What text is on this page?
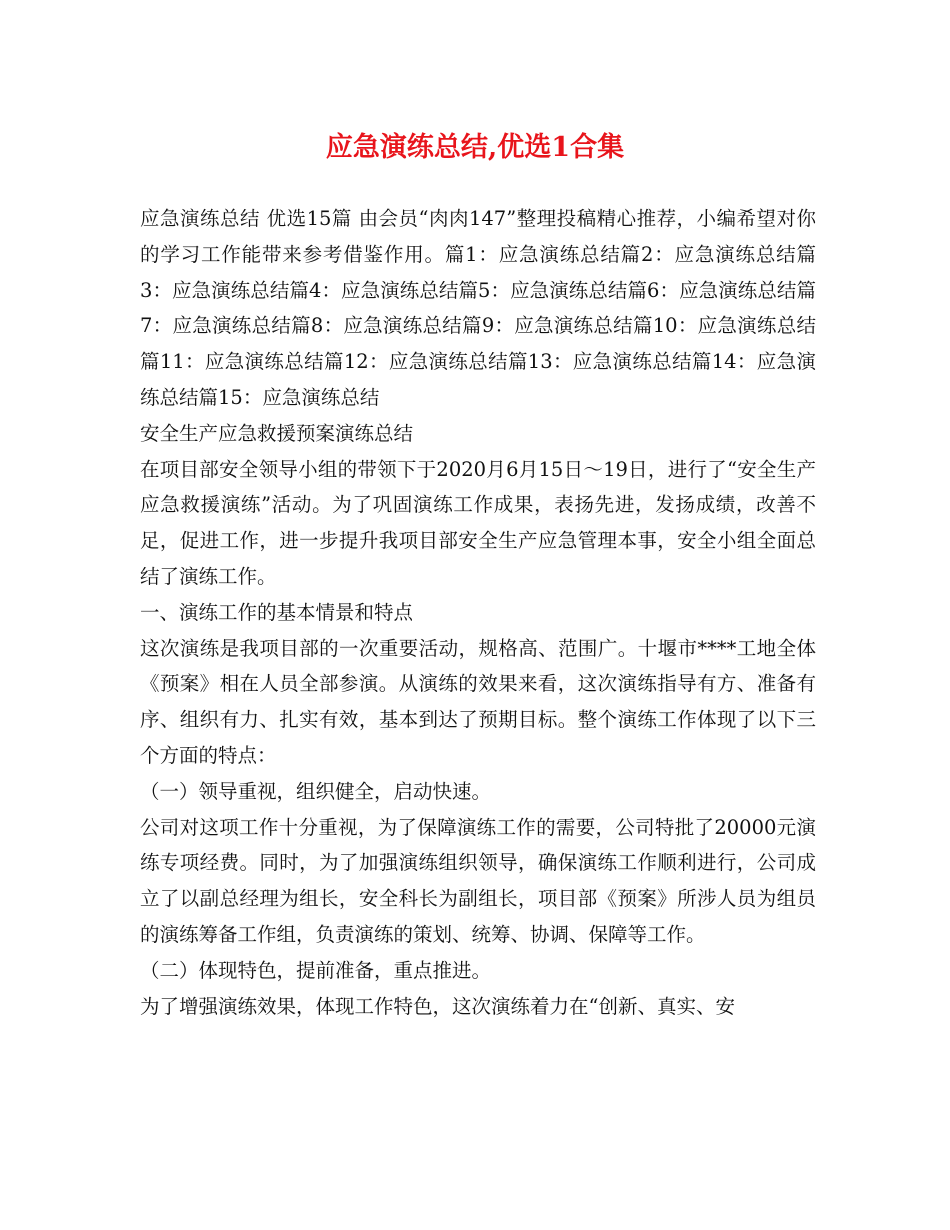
应急演练总结,优选1合集

应急演练总结 优选15篇 由会员“肉肉147”整理投稿精心推荐，小编希望对你的学习工作能带来参考借鉴作用。篇1：应急演练总结篇2：应急演练总结篇3：应急演练总结篇4：应急演练总结篇5：应急演练总结篇6：应急演练总结篇7：应急演练总结篇8：应急演练总结篇9：应急演练总结篇10：应急演练总结篇11：应急演练总结篇12：应急演练总结篇13：应急演练总结篇14：应急演练总结篇15：应急演练总结

安全生产应急救援预案演练总结

在项目部安全领导小组的带领下于2020月6月15日～19日，进行了“安全生产应急救援演练”活动。为了巩固演练工作成果，表扬先进，发扬成绩，改善不足，促进工作，进一步提升我项目部安全生产应急管理本事，安全小组全面总结了演练工作。

一、演练工作的基本情景和特点

这次演练是我项目部的一次重要活动，规格高、范围广。十堰市****工地全体《预案》相在人员全部参演。从演练的效果来看，这次演练指导有方、准备有序、组织有力、扎实有效，基本到达了预期目标。整个演练工作体现了以下三个方面的特点：

（一）领导重视，组织健全，启动快速。

公司对这项工作十分重视，为了保障演练工作的需要，公司特批了20000元演练专项经费。同时，为了加强演练组织领导，确保演练工作顺利进行，公司成立了以副总经理为组长，安全科长为副组长，项目部《预案》所涉人员为组员的演练筹备工作组，负责演练的策划、统筹、协调、保障等工作。

（二）体现特色，提前准备，重点推进。

为了增强演练效果，体现工作特色，这次演练着力在“创新、真实、安
